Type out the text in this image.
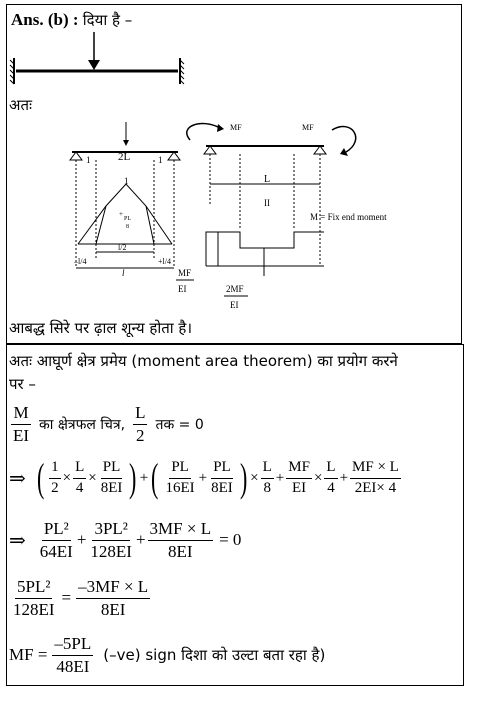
Ans. (b) : दिया है –
अतः
2L
1	1
1
+
PL
8
l/2
–l/4	+l/4
l
MF	MF
L
II
M = Fix end moment
MF
EI	2MF
EI
आबद्ध सिरे पर ढ़ाल शून्य होता है।
अतः आघूर्ण क्षेत्र प्रमेय (moment area theorem) का प्रयोग करने
पर –
$\frac{M}{EI}$ का क्षेत्रफल चित्र, $\frac{L}{2}$ तक = 0
⇒ ( $\frac{1}{2} \times \frac{L}{4} \times \frac{PL}{8EI}$ ) + ( $\frac{PL}{16EI} + \frac{PL}{8EI}$ ) × $\frac{L}{8} + \frac{MF}{EI} \times \frac{L}{4} + \frac{MF \times L}{2EI\times 4}$
⇒ $\frac{\text{PL²}}{64EI} + \frac{\text{3PL²}}{128EI} + \frac{3MF \times L}{8EI} = 0$
$\frac{\text{5PL²}}{128EI} = \frac{-3MF \times L}{8EI}$
MF = $\frac{-5PL}{48EI} (-ve)$ sign दिशा को उल्टा बता रहा है)
